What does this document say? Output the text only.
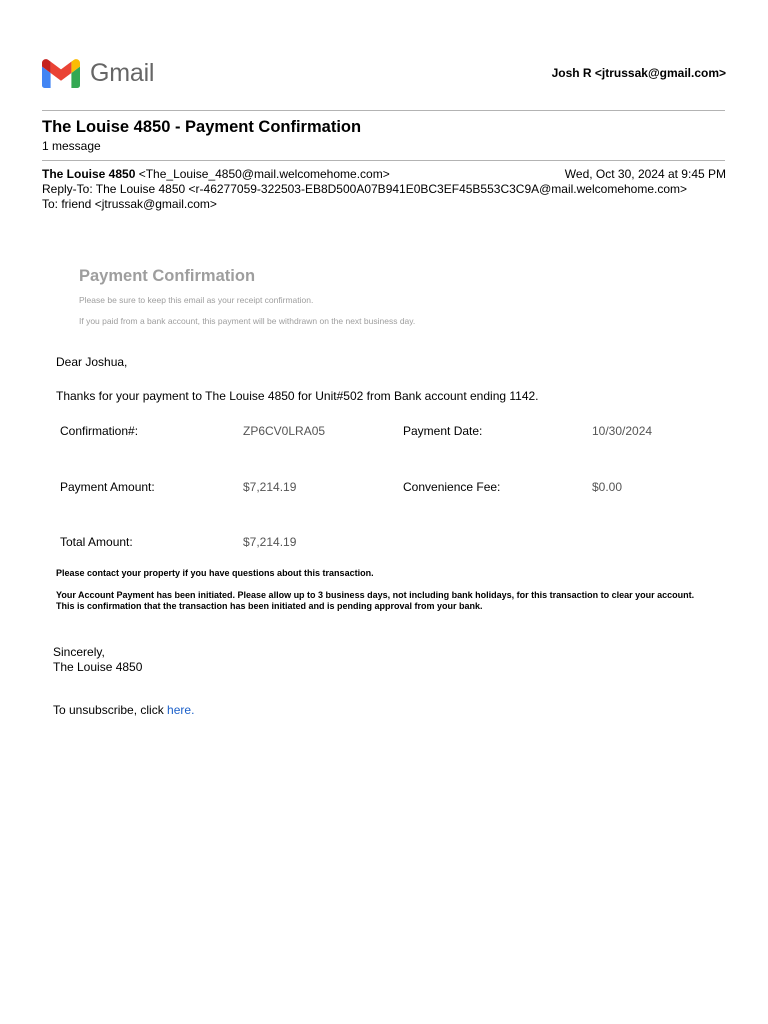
Gmail	Josh R <jtrussak@gmail.com>
The Louise 4850 - Payment Confirmation
1 message
The Louise 4850 <The_Louise_4850@mail.welcomehome.com>	Wed, Oct 30, 2024 at 9:45 PM
Reply-To: The Louise 4850 <r-46277059-322503-EB8D500A07B941E0BC3EF45B553C3C9A@mail.welcomehome.com>
To: friend <jtrussak@gmail.com>
Payment Confirmation
Please be sure to keep this email as your receipt confirmation.
If you paid from a bank account, this payment will be withdrawn on the next business day.
Dear Joshua,
Thanks for your payment to The Louise 4850 for Unit#502 from Bank account ending 1142.
Confirmation#:	ZP6CV0LRA05	Payment Date:	10/30/2024
Payment Amount:	$7,214.19	Convenience Fee:	$0.00
Total Amount:	$7,214.19
Please contact your property if you have questions about this transaction.
Your Account Payment has been initiated. Please allow up to 3 business days, not including bank holidays, for this transaction to clear your account. This is confirmation that the transaction has been initiated and is pending approval from your bank.
Sincerely,
The Louise 4850
To unsubscribe, click here.
